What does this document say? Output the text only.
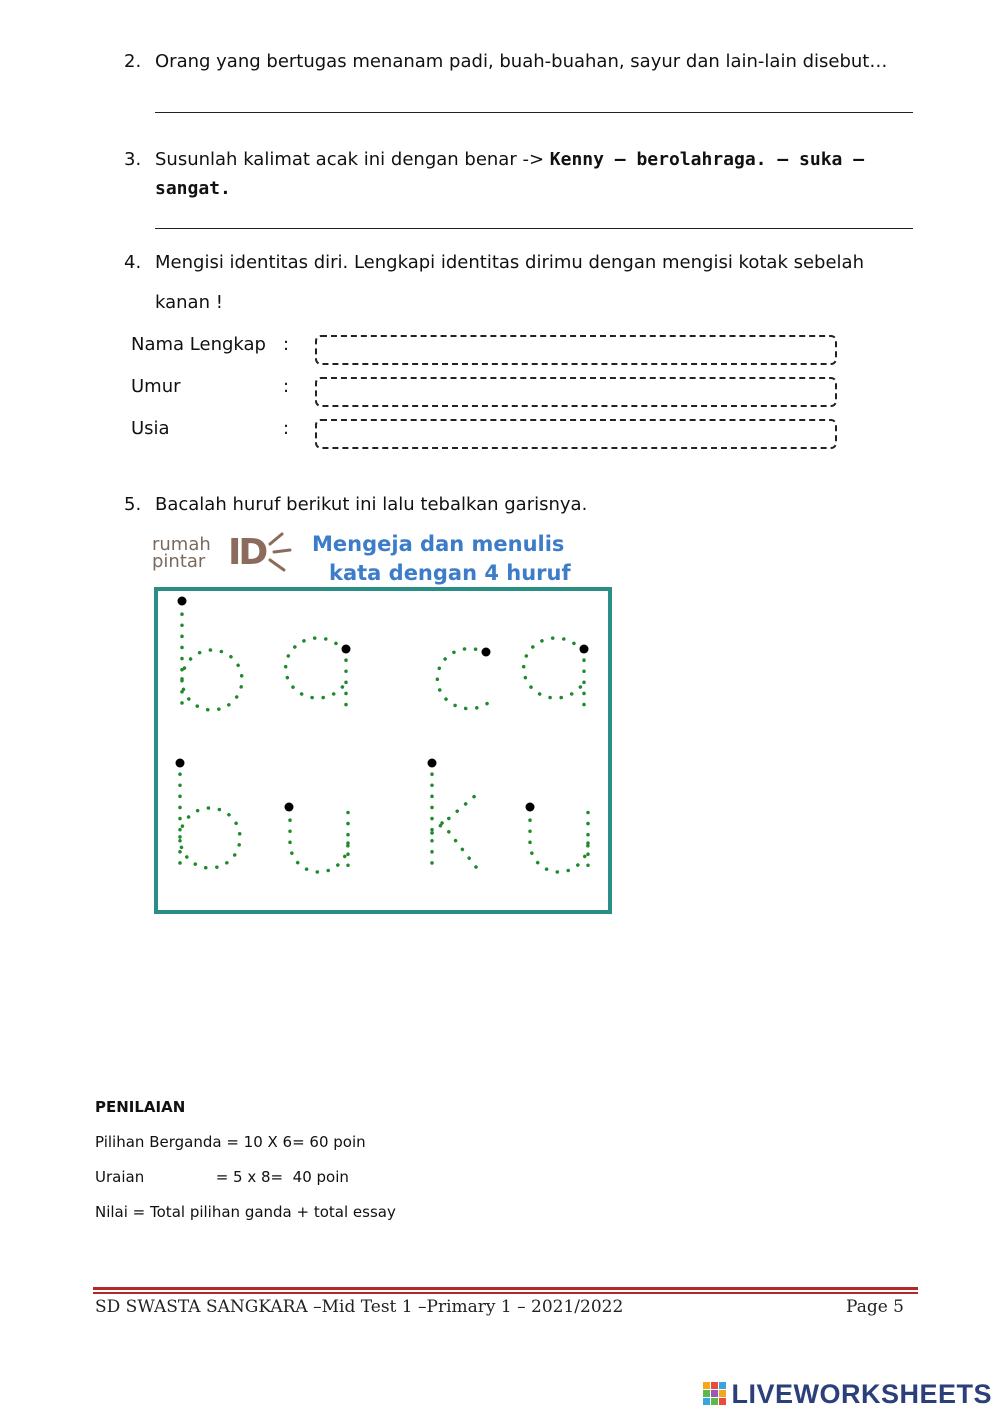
2. Orang yang bertugas menanam padi, buah-buahan, sayur dan lain-lain disebut…
3. Susunlah kalimat acak ini dengan benar -> Kenny – berolahraga. – suka –
sangat.
4. Mengisi identitas diri. Lengkapi identitas dirimu dengan mengisi kotak sebelah
kanan !
Nama Lengkap :
Umur	:
Usia	:
5. Bacalah huruf berikut ini lalu tebalkan garisnya.
rumah
pintar ID Mengeja dan menulis
kata dengan 4 huruf
PENILAIAN
Pilihan Berganda = 10 X 6= 60 poin
Uraian               = 5 x 8=  40 poin
Nilai = Total pilihan ganda + total essay
SD SWASTA SANGKARA –Mid Test 1 –Primary 1 – 2021/2022	Page 5
LIVEWORKSHEETS
